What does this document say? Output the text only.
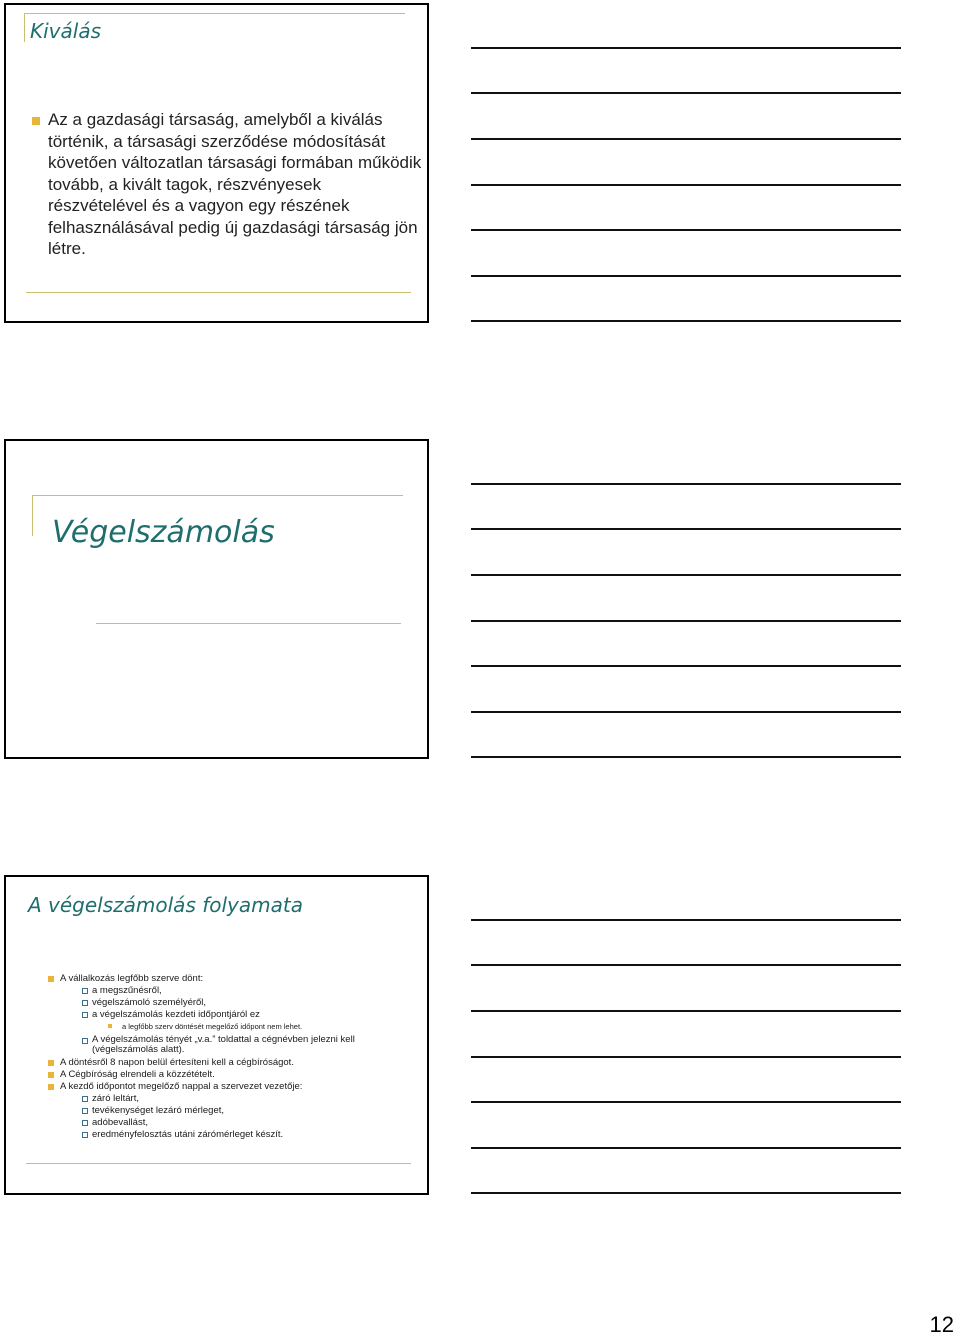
Kiválás
Az a gazdasági társaság, amelyből a kiválás történik, a társasági szerződése módosítását követően változatlan társasági formában működik tovább, a kivált tagok, részvényesek részvételével és a vagyon egy részének felhasználásával pedig új gazdasági társaság jön létre.
Végelszámolás
A végelszámolás folyamata
A vállalkozás legfőbb szerve dönt:
a megszűnésről,
végelszámoló személyéről,
a végelszámolás kezdeti időpontjáról ez
a legfőbb szerv döntését megelőző időpont nem lehet.
A végelszámolás tényét „v.a.” toldattal a cégnévben jelezni kell (végelszámolás alatt).
A döntésről 8 napon belül értesíteni kell a cégbíróságot.
A Cégbíróság elrendeli a közzétételt.
A kezdő időpontot megelőző nappal a szervezet vezetője:
záró leltárt,
tevékenységet lezáró mérleget,
adóbevallást,
eredményfelosztás utáni zárómérleget készít.
12
